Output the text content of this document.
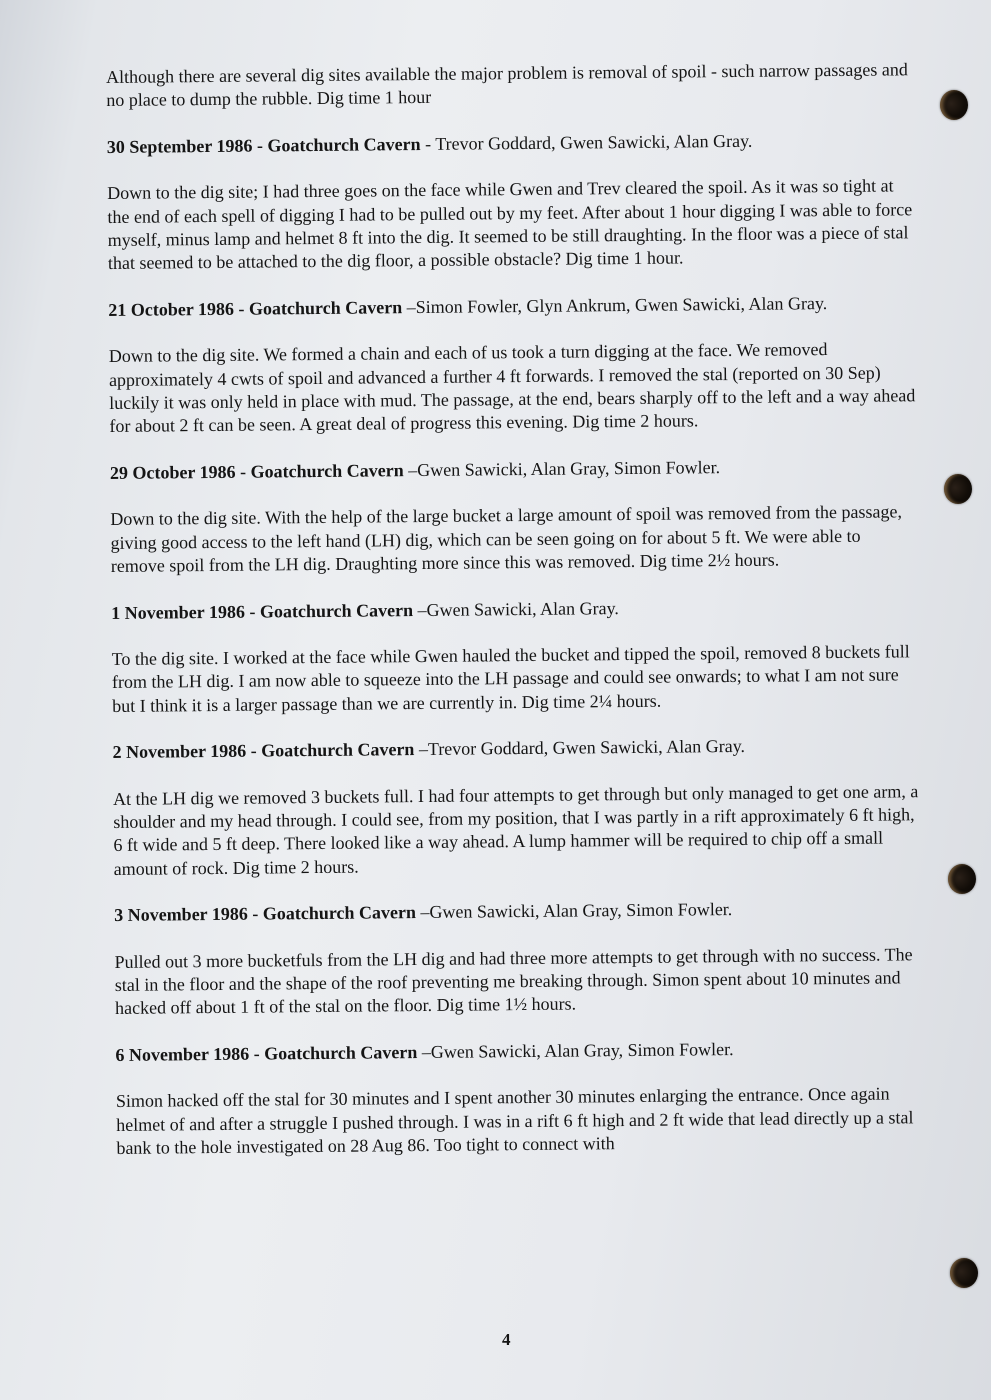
Although there are several dig sites available the major problem is removal of spoil - such narrow passages and no place to dump the rubble. Dig time 1 hour

30 September 1986 - Goatchurch Cavern - Trevor Goddard, Gwen Sawicki, Alan Gray.

Down to the dig site; I had three goes on the face while Gwen and Trev cleared the spoil. As it was so tight at the end of each spell of digging I had to be pulled out by my feet. After about 1 hour digging I was able to force myself, minus lamp and helmet 8 ft into the dig. It seemed to be still draughting. In the floor was a piece of stal that seemed to be attached to the dig floor, a possible obstacle? Dig time 1 hour.

21 October 1986 - Goatchurch Cavern –Simon Fowler, Glyn Ankrum, Gwen Sawicki, Alan Gray.

Down to the dig site. We formed a chain and each of us took a turn digging at the face. We removed approximately 4 cwts of spoil and advanced a further 4 ft forwards. I removed the stal (reported on 30 Sep) luckily it was only held in place with mud. The passage, at the end, bears sharply off to the left and a way ahead for about 2 ft can be seen. A great deal of progress this evening. Dig time 2 hours.

29 October 1986 - Goatchurch Cavern –Gwen Sawicki, Alan Gray, Simon Fowler.

Down to the dig site. With the help of the large bucket a large amount of spoil was removed from the passage, giving good access to the left hand (LH) dig, which can be seen going on for about 5 ft. We were able to remove spoil from the LH dig. Draughting more since this was removed. Dig time 2½ hours.

1 November 1986 - Goatchurch Cavern –Gwen Sawicki, Alan Gray.

To the dig site. I worked at the face while Gwen hauled the bucket and tipped the spoil, removed 8 buckets full from the LH dig. I am now able to squeeze into the LH passage and could see onwards; to what I am not sure but I think it is a larger passage than we are currently in. Dig time 2¼ hours.

2 November 1986 - Goatchurch Cavern –Trevor Goddard, Gwen Sawicki, Alan Gray.

At the LH dig we removed 3 buckets full. I had four attempts to get through but only managed to get one arm, a shoulder and my head through. I could see, from my position, that I was partly in a rift approximately 6 ft high, 6 ft wide and 5 ft deep. There looked like a way ahead. A lump hammer will be required to chip off a small amount of rock. Dig time 2 hours.

3 November 1986 - Goatchurch Cavern –Gwen Sawicki, Alan Gray, Simon Fowler.

Pulled out 3 more bucketfuls from the LH dig and had three more attempts to get through with no success. The stal in the floor and the shape of the roof preventing me breaking through. Simon spent about 10 minutes and hacked off about 1 ft of the stal on the floor. Dig time 1½ hours.

6 November 1986 - Goatchurch Cavern –Gwen Sawicki, Alan Gray, Simon Fowler.

Simon hacked off the stal for 30 minutes and I spent another 30 minutes enlarging the entrance. Once again helmet of and after a struggle I pushed through. I was in a rift 6 ft high and 2 ft wide that lead directly up a stal bank to the hole investigated on 28 Aug 86. Too tight to connect with

4
